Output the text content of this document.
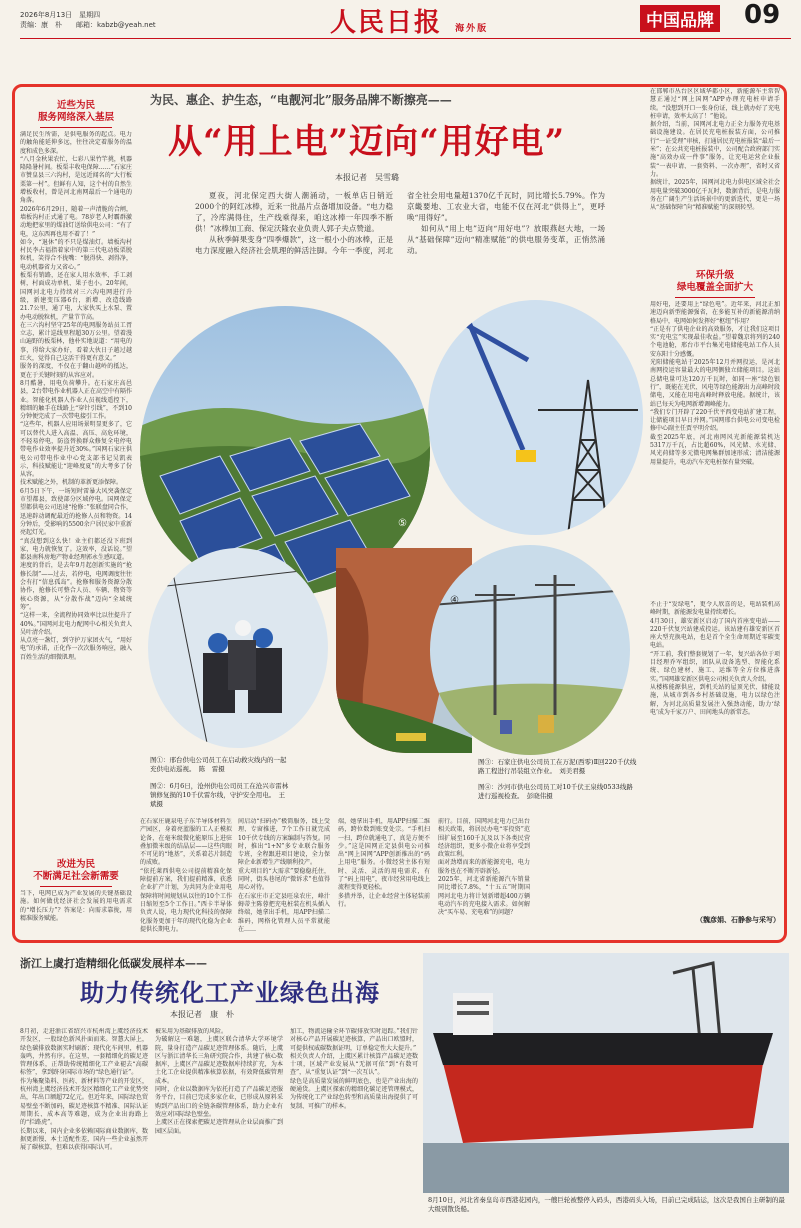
2026年8月13日　星期四
责编：康　朴　　邮箱：kabzb@yeah.net	人民日报 海外版	中国品牌 09
为民、惠企、护生态，“电靓河北”服务品牌不断擦亮——
从“用上电”迈向“用好电”
本报记者　吴雪璐

夏夜，河北保定西大街人潮涌动，一板单店日销近2000个的阿红冰棒，近来一批晶片点备增加设备。“电力稳了，冷库满得住，生产线乘得来，咱这冰棒一年四季不断供！”冰棒加工商、保定沃隆农业负责人郭子夫点赞道。

从秋季鲜果变身“四季爆款”，这一根小小的冰棒，正是电力深度融入经济社会肌理的鲜活注脚。今年一季度，河北省全社会用电量超1370亿千瓦时，同比增长5.79%。作为京畿要地、工农业大省，电能不仅在河北“供得上”，更呼唤“用得好”。

如何从“用上电”迈向“用好电”？放眼燕赵大地，一场从“基础保障”迈向“精准赋能”的供电服务变革，正悄然涌动。

近些为民
服务网络深入基层
满足民生所需，是供电服务的起点。电力的触角能延伸多远，往往决定着服务的温度和成色多深。
“八月金秋果农忙，七彩八果竹竿挑，机器隆隆暑村间。板栗丰收电保障……”石家庄市赞皇县三六沟村，是远近闻名的“大行板栗第一村”。但鲜有人知，这个村的自然生增板收村，曾是河北南网最后一个通电的角落。
2026年6月29日，随着一声清脆的合闸，墙板沟村正式通了电。78岁老人时霸群激动地把家里的煤油灯送给供电公司：“有了电，这东西再也用不着了！”
如今，“退休”的不只是煤油灯。墙板沟村村民李占福指着家中的第三代电动板栗脱粒机，笑得合不拢嘴：“脱得快、剥得净，电动机器省力又省心。”
板栗有销路，还在家人用水效率、手工剥树，村面成功单机、果子也小。20年间，国网河北电力持续对三六沟电网进行升级，新建变压器6台，新增、改造线路21.7公里，通了电，大家伙买上水泵、置办电动脱粒机，产量节节高。
在三六沟村坚守25年的电网服务站员工胥立志，累计巡线里程超30万公里。望着漫山遍野的板栗林，他朴实地说道：“用电的事，得给大家办好，看着大伙日子越过越红火，觉得自己这活干得更有意义。”
服务的深度，不仅在于翻山越岭的抵达，更在于关键时刻的从容应对。
8月酷暑，用电负荷攀升。在石家庄高邑县，2台带电作业机器人正在高空中有隔作业。智能化机器人作业人员视线遥控下，精细的触手在线路上“穿针引线”，不到10分钟便完成了一次带电接引工作。
“这些年，机器人应用场景明显更多了，它可以替代人进入高温、高压、高危环境，不轻易停电，防盗替换群众修复全电停电带电作业效率提升近30%。”国网石家庄供电公司带电作业中心党支部书记吴凯表示，科技赋能让“迎峰度夏”的大考多了份从容。
技术赋能之外，机制的革新更添保障。
6月5日下午，一场短时雷暴大风突袭保定市望都县，致使部分区域停电。国网保定望都供电公司迅速“抢修：”张联盘同合作，迅速辟动调配最近的抢修人员和物资。14分钟后，受影响的5500余户居民家中重新亮起灯光。
“真没想到这么快！业主们都还没下班到家，电力就恢复了。这效率，没话说。”望都县南科房地产物业经理郭永生感叹道。
速度的背后，是去年9月起创新实施的“抢修长制”——过去，若停电，电网调度往往会有打“信息孤岛”。抢修和服务资源分散协作，抢修长可整合人员、车辆、物资等核心资源，从“分散作战”迈向“全域统筹”。
“这样一来，全流程协同效率比以往提升了40%。”国网河北电力配网中心相关负责人吴叶清介绍。
从点亮一盏灯，到守护万家团火气，“用好电”的承诺，正化作一次次服务响应，融入百姓生活的细微肌理。
改进为民
不断满足社会新需要
当下，电网已成为产业发展的关键基础设施。如何做优经济社会发展的用电需求的“增长压力”？答案是：向需求靠拢，用精准服务赋能。
在邯郸市丛台区区域华都小区，新能源车主常智慧正通过“网上国网”APP办理充电桩申请手续。“没想到开口一张身份证，线上就办好了充电桩申请，效率太高了！”他说。
据介绍，当前，国网河北电力正全力服务充电基础设施建设。在居民充电桩报装方面，公司推行“一证受理”审核，打通居民充电桩报装“最后一米”；在公共充电桩报装中，公司配合政府部门实施“高效办成一件事”服务，让充电运营企业报装“一表申请、一套资料、一次办理”，省时又省力。
据统计，2025年，国网河北电力供电区域全社会用电量突破3000亿千瓦时，数据背后，是电力服务在广阔生产生活场景中的更新迭代，更是一场从“基础保障”向“精准赋能”的深刻转型。
环保升级
绿电覆盖全面扩大
用好电，还要用上“绿色电”。近年来，河北正加速迈向新型能源强省，在多能互补的新能源消纳格局中，电网如何发挥好“枢纽”作用？
“正是有了供电企业的高效服务，才让我们这项目实“充电宝”实现最佳收益。”望着魏京将列的240个电池舱，邢台市平台集光电储能电站工作人员安东阳十分感慨。
光阳储能电站于2025年12月并网投运，是河北南网投运容量最大的电网侧独立储能项目。这站总储电量可达120万千瓦时，如同一座“绿色银行”，既能在光伏、风电等绿色能源出力高峰时段储电，又能在用电高峰时释放电能。据统计，该站已每天为电网新增调峰能力。
“我们专门开辟了220千伏平西变电站扩建工程，让储能项目早日并网。”国网邢台供电公司变电检修中心副主任贾平明介绍。
截至2025年底，河北南网风光新能源装机达5317万千瓦，占比超60%，风光储、水光储、风光荷储等多元微电网集群加速形成；清洁能源用量提升，电动汽车充电桩保有量突破。
不止于“发绿电”，更令人欣喜的是，电站装机高峰时期，新能源发电量持续增长。
4月30日，雄安新区启动了国内首座变电站——220千伏复兴站建成投运。该站建有雄安新区首座大型充换电站，也是首个全生命周期近零碳变电站。
“开工前，我们整套规划了一年，复兴站各位于项目经理乔军组织，团队从设备选型、智能化系统、绿色建材、施工、运维等全方位推进落实。”国网雄安新区供电公司相关负责人介绍。
从楼栋能源供应，到机关站的屋顶光伏、储能设施，从城市到各乡村基础设施，电力以绿色注解，为河北高质量发展注入强劲动能，助力‘绿电’成为千家万户、田间地头的新常态。
（魏彦娟、石静参与采写）
⑤	③
②
④
图①：邢台供电公司员工在启动救灾线内的一起充供电站巡视。　陈　雷摄
图②：6月6日，沧州供电公司员工在沧兴市雷林镇修复损的10千伏雷尔线，守护安全用电。　王　斌摄
图③：石家庄供电公司员工在万泥(西零)Ⅱ回220千伏线路工程进行吊装组立作业。　刘美君摄
图④：沙河市供电公司员工对10千伏王泉线0533线路进行巡视检查。　彭晓伟摄
在石家庄鹿泉电子东半导体材料生产园区，身着亮蓝服的工人正模拟论备，在毫米级微化能原压上进驻叠加微米级的结晶层——这些肉眼不可见的“地基”，关系着芯片制造的成败。
“依托莱西供电公司提前精准化保障提前方案，我们提前精准，获悉企业扩产计划，为共同为企业用电保障将时间规划从以往的10个工作日缩短至5个工作日。”西卡半导体负责人说，电力现代化科技的保障化服务更加于年的现代化稳为企业提供长期电力。
间启动“扫码办”极简服务，线上受理、专窗推进，7个工作日就完成10千伏专线的方案编制与答复。同时，推出“1+N”多专业联合服务专班，全程跟进项目建设，全力保障企业新增生产线顺利投产。
重大项目的“大需求”要稳稳托住，同时，街头巷尾的“微诉求”也值得用心对待。
在石家庄市正定县旺泉农庄，峰汁姆蒂主陈蓉把充电桩装在机头插入终端，她拿出手机，用APP扫描二维码，网格化管理人员平常就能在……
端，她拿出手机，用APP扫描二维码，跨位数到账变处宗。“手机扫一扫，跨位就通电了，真是方便不少。”这是国网正定县供电公司推出“网上国网”APP创新推出的“码上用电”服务。小微经营主体有短时、灵活、灵活的用电需求，有了“码上用电”，夜市经营用电线上流程变得更轻松。
多措并举，让企业经营主体轻装前行。
前行。目前，国网河北电力已出台相关政策，将居民办电“零投资”范围扩展至160千瓦及以下各类民营经济组织，更多小微企业将享受到政策红利。
面对劲增而来的新能源充电，电力服务也在不断开辟新径。
2025年，河北省新能源汽车销量同比增长7.8%，“十五五”时期国网河北电力将计划新增超400万辆电动汽车的充电接入需求。如何解决“买车易、充电难”的问题？
浙江上虞打造精细化低碳发展样本——
助力传统化工产业绿色出海
本报记者　康　朴
8月初，走进浙江省绍兴市杭州湾上虞经济技术开发区，一股绿色新风扑面而来。智慧大屏上，绿色碳排放数据实时刷新；现代化车间里，机器轰鸣，井然有序。在这里，一套精细化的碳足迹管理体系，正帮助传统精细化工产业褪去“高碳标签”，拿到跻身国际市场的“绿色通行证”。
作为集聚染料、医药、新材料等产业的开发区，杭州湾上虞经济技术开发区精细化工产业优势突出，年出口额超72亿元。但近年来，国际绿色贸易壁垒不断加码，碳足迹核算不精准、国际认证周期长、成本高等难题，成为企业出海路上的“拦路虎”。
长期以来，国内企业多依赖国际商业数据库，数据更新慢、本土适配性差，国内一些企业虽然开展了碳核算，但难以获得国际认可。
被采用为基碳排放的风险。
为破解这一难题，上虞区联合清华大学环境学院，量身打造产品碳足迹管理体系。随后，上虞区与浙江清华长三角研究院合作，共建了核心数据库，上虞区产品碳足迹数据库持续扩充，为本土化工企业提供精准核算依据，有效降低碳管理成本。
同时，企业以数据库为依托打造了产品碳足迹服务平台，目前已完成多家企业，已形成从原料采购到产品出口的全链条碳管理体系，助力企业有效应对国际绿色壁垒。
上虞区正在探索把碳足迹管理从企业层面推广到园区层面。
加工，物流运输全环节碳排放实时追踪。”我们针对核心产品开展碳足迹核算，产品出口欧盟时，可提供权威碳数据证明，订单稳定性大大提升。”
相关负责人介绍，上虞区累计核算产品碳足迹数十项，区域产业发展从“无据可依”到“有数可查”，从“重复认证”到“一次互认”。
绿色是高质量发展的鲜明底色，也是产业出海的硬通货。上虞区探索的精细化碳足迹管理模式，为传统化工产业绿色转型和高质量出海提供了可复制、可推广的样本。
8月10日，河北省秦皇岛市西港花园内，一艘巨轮被整停入码头，西港码头入场，目前已完成陆运，这次是我国自主研制的最大级别散货船。
